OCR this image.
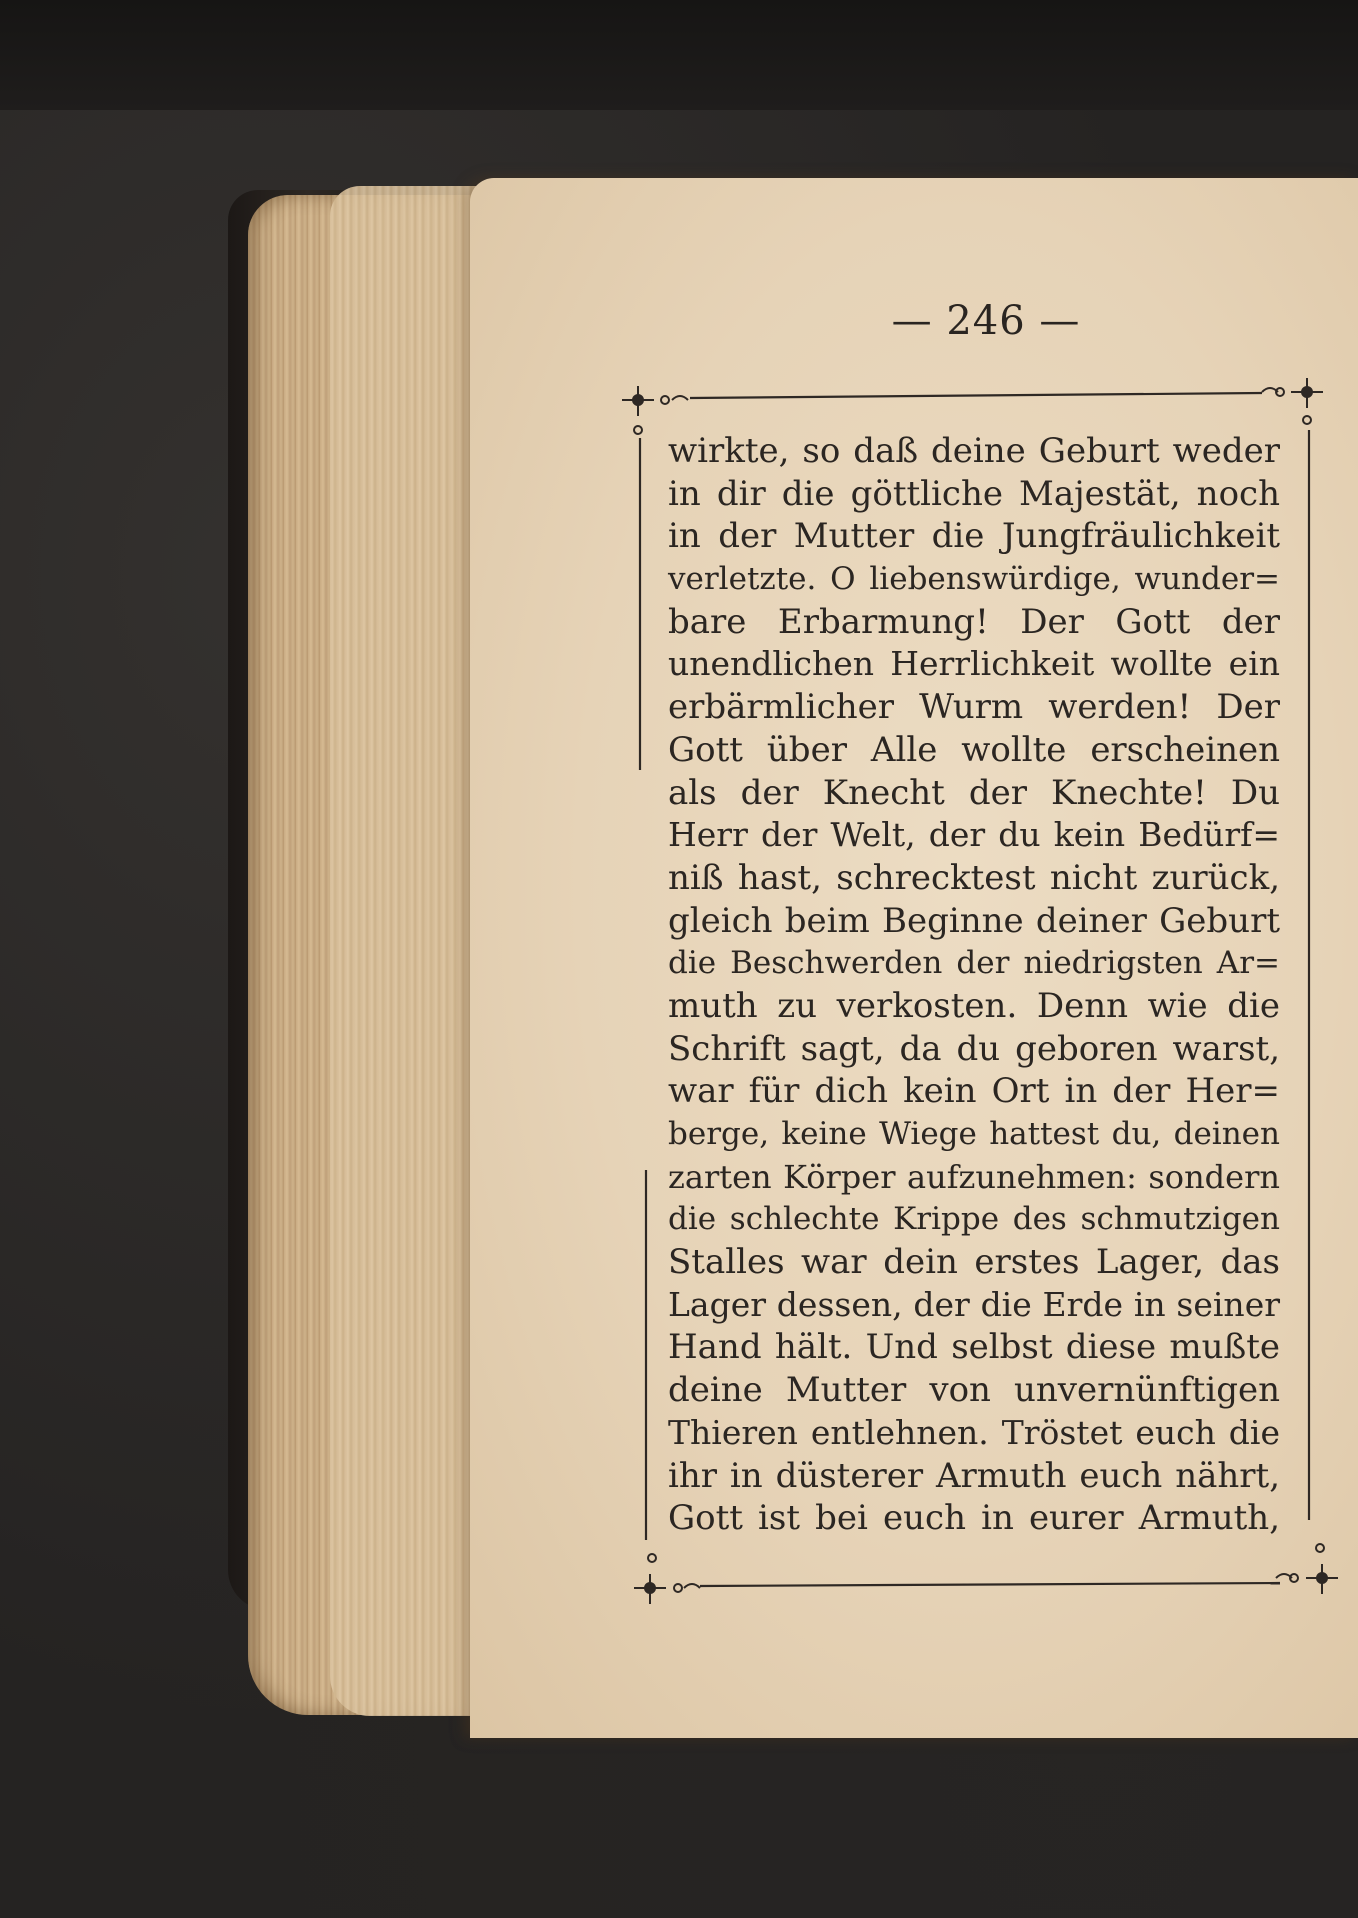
— 246 —
wirkte, so daß deine Geburt weder
in dir die göttliche Majestät, noch
in der Mutter die Jungfräulichkeit
verletzte. O liebenswürdige, wunder=
bare Erbarmung! Der Gott der
unendlichen Herrlichkeit wollte ein
erbärmlicher Wurm werden! Der
Gott über Alle wollte erscheinen
als der Knecht der Knechte! Du
Herr der Welt, der du kein Bedürf=
niß hast, schrecktest nicht zurück,
gleich beim Beginne deiner Geburt
die Beschwerden der niedrigsten Ar=
muth zu verkosten. Denn wie die
Schrift sagt, da du geboren warst,
war für dich kein Ort in der Her=
berge, keine Wiege hattest du, deinen
zarten Körper aufzunehmen: sondern
die schlechte Krippe des schmutzigen
Stalles war dein erstes Lager, das
Lager dessen, der die Erde in seiner
Hand hält. Und selbst diese mußte
deine Mutter von unvernünftigen
Thieren entlehnen. Tröstet euch die
ihr in düsterer Armuth euch nährt,
Gott ist bei euch in eurer Armuth,
